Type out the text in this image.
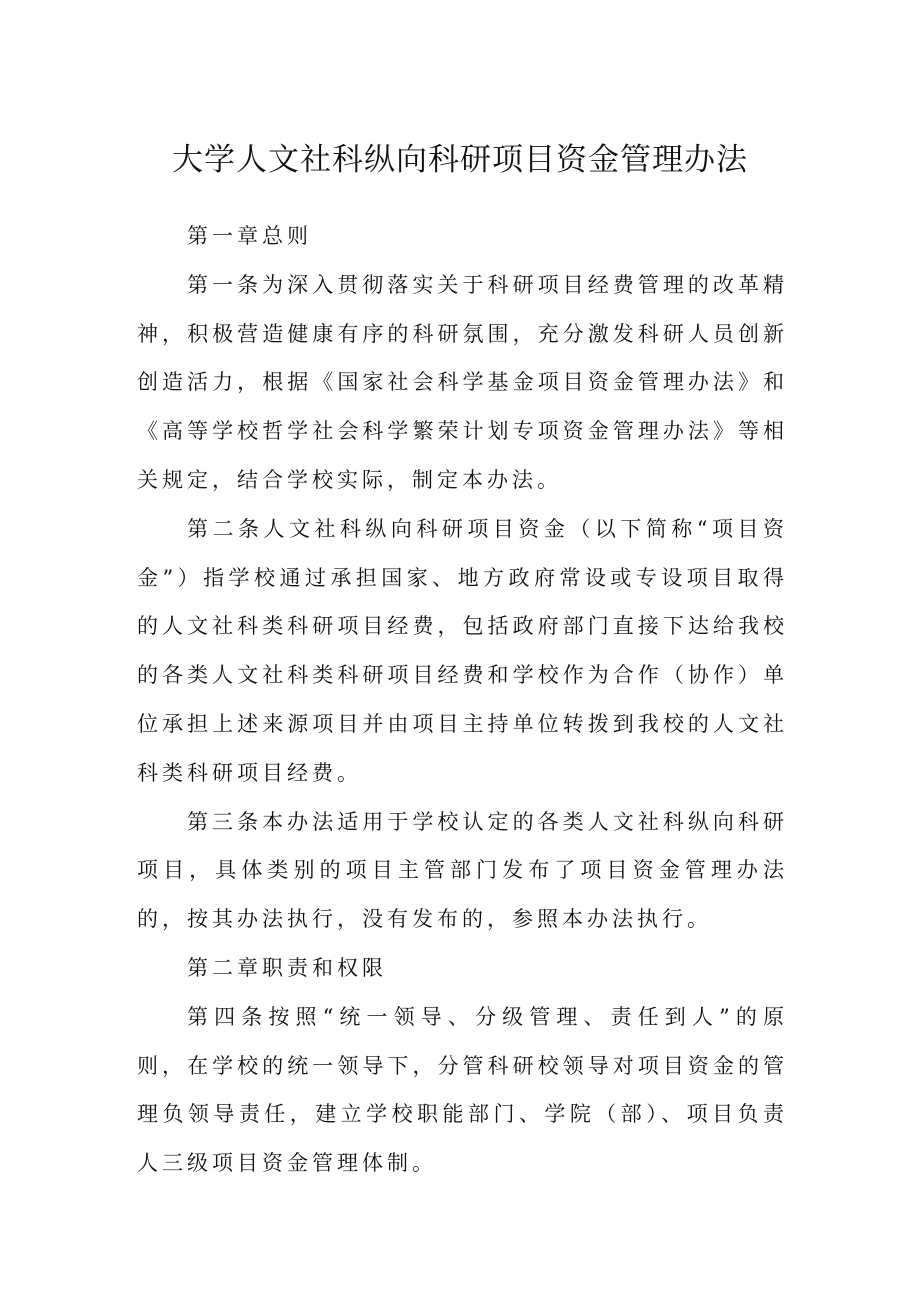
大学人文社科纵向科研项目资金管理办法

第一章总则

第一条为深入贯彻落实关于科研项目经费管理的改革精神，积极营造健康有序的科研氛围，充分激发科研人员创新创造活力，根据《国家社会科学基金项目资金管理办法》和《高等学校哲学社会科学繁荣计划专项资金管理办法》等相关规定，结合学校实际，制定本办法。

第二条人文社科纵向科研项目资金（以下简称“项目资金”）指学校通过承担国家、地方政府常设或专设项目取得的人文社科类科研项目经费，包括政府部门直接下达给我校的各类人文社科类科研项目经费和学校作为合作（协作）单位承担上述来源项目并由项目主持单位转拨到我校的人文社科类科研项目经费。

第三条本办法适用于学校认定的各类人文社科纵向科研项目，具体类别的项目主管部门发布了项目资金管理办法的，按其办法执行，没有发布的，参照本办法执行。

第二章职责和权限

第四条按照“统一领导、分级管理、责任到人”的原则，在学校的统一领导下，分管科研校领导对项目资金的管理负领导责任，建立学校职能部门、学院（部）、项目负责人三级项目资金管理体制。
